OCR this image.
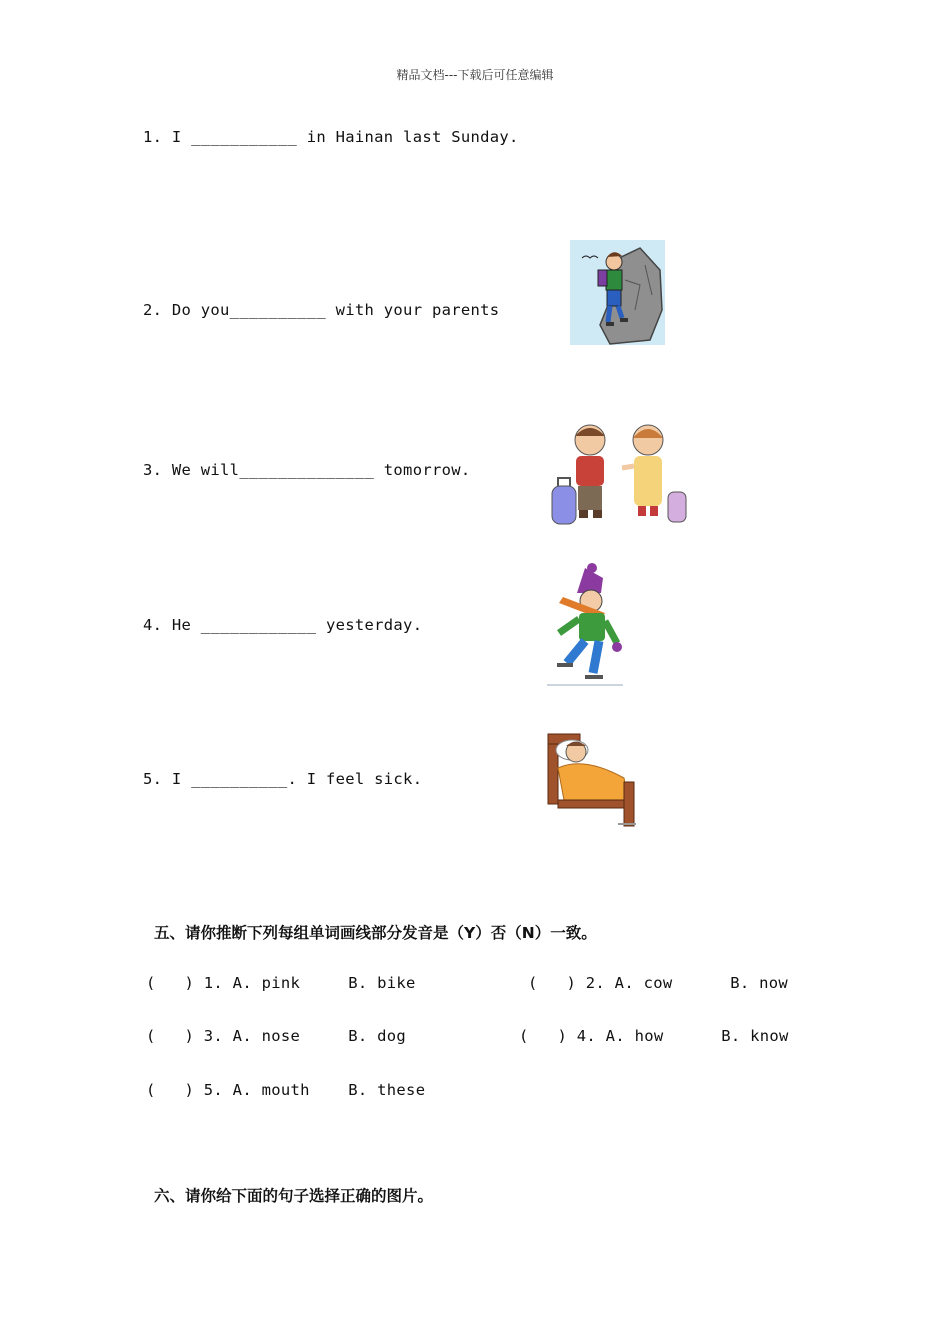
精品文档---下载后可任意编辑
1. I ___________ in Hainan last Sunday.
2. Do you__________ with your parents
3. We will______________ tomorrow.
4. He ____________ yesterday.
5. I __________. I feel sick.
五、请你推断下列每组单词画线部分发音是（Y）否（N）一致。
(   ) 1. A. pink     B. bike	(   ) 2. A. cow      B. now
(   ) 3. A. nose     B. dog	(   ) 4. A. how      B. know
(   ) 5. A. mouth    B. these
六、请你给下面的句子选择正确的图片。
